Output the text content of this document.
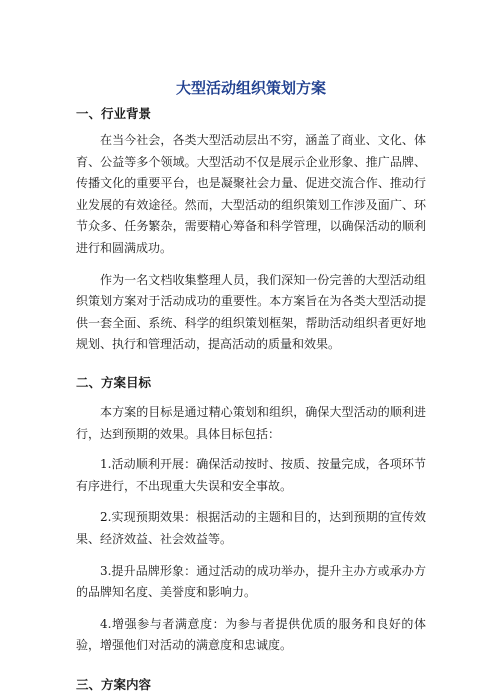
大型活动组织策划方案
一、行业背景

在当今社会，各类大型活动层出不穷，涵盖了商业、文化、体育、公益等多个领域。大型活动不仅是展示企业形象、推广品牌、传播文化的重要平台，也是凝聚社会力量、促进交流合作、推动行业发展的有效途径。然而，大型活动的组织策划工作涉及面广、环节众多、任务繁杂，需要精心筹备和科学管理，以确保活动的顺利进行和圆满成功。

作为一名文档收集整理人员，我们深知一份完善的大型活动组织策划方案对于活动成功的重要性。本方案旨在为各类大型活动提供一套全面、系统、科学的组织策划框架，帮助活动组织者更好地规划、执行和管理活动，提高活动的质量和效果。

二、方案目标

本方案的目标是通过精心策划和组织，确保大型活动的顺利进行，达到预期的效果。具体目标包括：

1.活动顺利开展：确保活动按时、按质、按量完成，各项环节有序进行，不出现重大失误和安全事故。

2.实现预期效果：根据活动的主题和目的，达到预期的宣传效果、经济效益、社会效益等。

3.提升品牌形象：通过活动的成功举办，提升主办方或承办方的品牌知名度、美誉度和影响力。

4.增强参与者满意度：为参与者提供优质的服务和良好的体验，增强他们对活动的满意度和忠诚度。

三、方案内容
